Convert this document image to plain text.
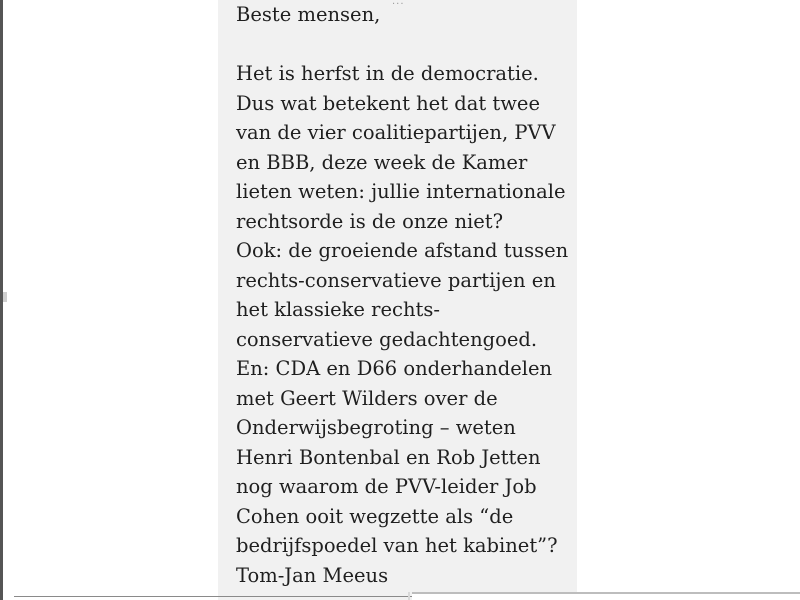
···
Beste mensen,
Het is herfst in de democratie.
Dus wat betekent het dat twee
van de vier coalitiepartijen, PVV
en BBB, deze week de Kamer
lieten weten: jullie internationale
rechtsorde is de onze niet?
Ook: de groeiende afstand tussen
rechts-conservatieve partijen en
het klassieke rechts-
conservatieve gedachtengoed.
En: CDA en D66 onderhandelen
met Geert Wilders over de
Onderwijsbegroting – weten
Henri Bontenbal en Rob Jetten
nog waarom de PVV-leider Job
Cohen ooit wegzette als “de
bedrijfspoedel van het kabinet”?
Tom-Jan Meeus
